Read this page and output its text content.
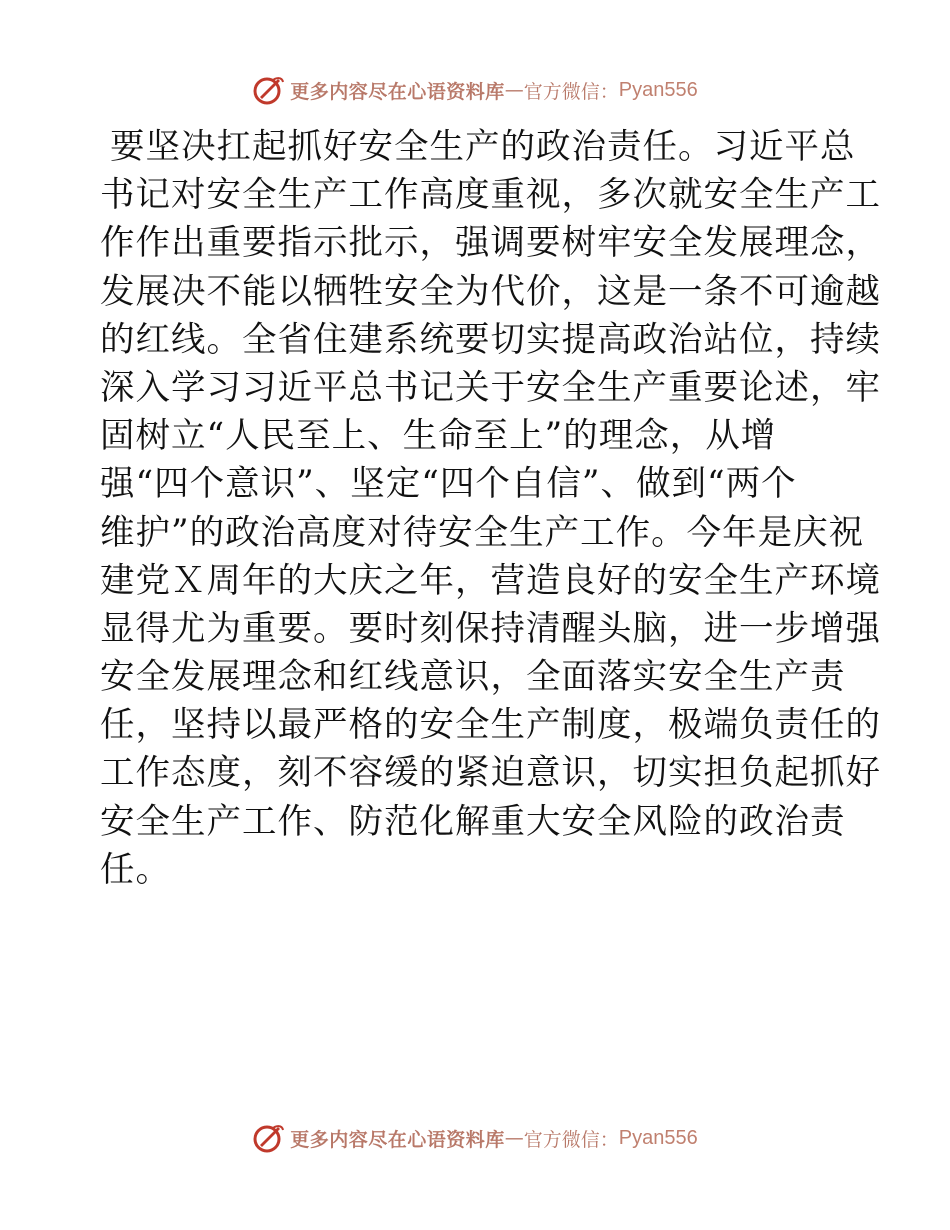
更多内容尽在心语资料库 — 官方微信： Pyan556
要坚决扛起抓好安全生产的政治责任。习近平总
书记对安全生产工作高度重视，多次就安全生产工
作作出重要指示批示，强调要树牢安全发展理念，
发展决不能以牺牲安全为代价，这是一条不可逾越
的红线。全省住建系统要切实提高政治站位，持续
深入学习习近平总书记关于安全生产重要论述，牢
固树立“人民至上、生命至上”的理念，从增
强“四个意识”、坚定“四个自信”、做到“两个
维护”的政治高度对待安全生产工作。今年是庆祝
建党Ｘ周年的大庆之年，营造良好的安全生产环境
显得尤为重要。要时刻保持清醒头脑，进一步增强
安全发展理念和红线意识，全面落实安全生产责
任，坚持以最严格的安全生产制度，极端负责任的
工作态度，刻不容缓的紧迫意识，切实担负起抓好
安全生产工作、防范化解重大安全风险的政治责
任。
更多内容尽在心语资料库 — 官方微信： Pyan556
